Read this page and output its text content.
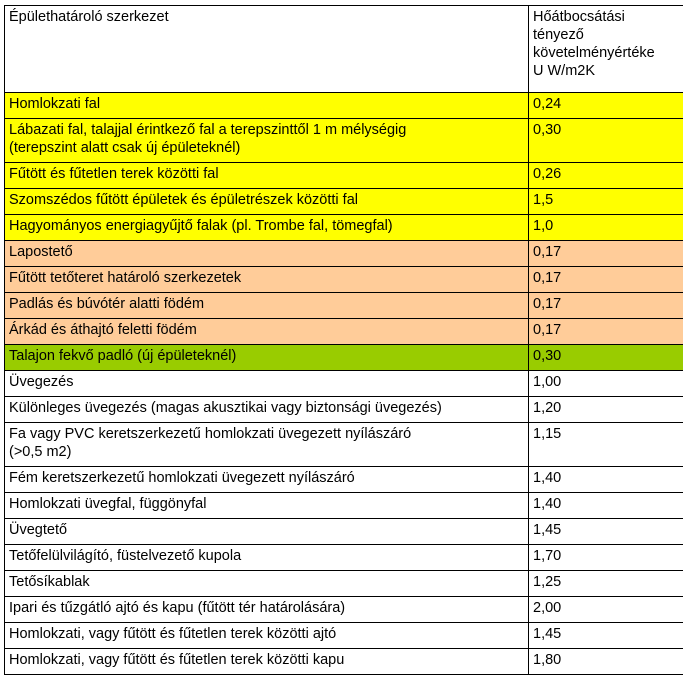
Épülethatároló szerkezet	Hőátbocsátási
tényező
követelményértéke
U W/m2K
Homlokzati fal	0,24
Lábazati fal, talajjal érintkező fal a terepszinttől 1 m mélységig
(terepszint alatt csak új épületeknél)	0,30
Fűtött és fűtetlen terek közötti fal	0,26
Szomszédos fűtött épületek és épületrészek közötti fal	1,5
Hagyományos energiagyűjtő falak (pl. Trombe fal, tömegfal)	1,0
Lapostető	0,17
Fűtött tetőteret határoló szerkezetek	0,17
Padlás és búvótér alatti födém	0,17
Árkád és áthajtó feletti födém	0,17
Talajon fekvő padló (új épületeknél)	0,30
Üvegezés	1,00
Különleges üvegezés (magas akusztikai vagy biztonsági üvegezés)	1,20
Fa vagy PVC keretszerkezetű homlokzati üvegezett nyílászáró
(>0,5 m2)	1,15
Fém keretszerkezetű homlokzati üvegezett nyílászáró	1,40
Homlokzati üvegfal, függönyfal	1,40
Üvegtető	1,45
Tetőfelülvilágító, füstelvezető kupola	1,70
Tetősíkablak	1,25
Ipari és tűzgátló ajtó és kapu (fűtött tér határolására)	2,00
Homlokzati, vagy fűtött és fűtetlen terek közötti ajtó	1,45
Homlokzati, vagy fűtött és fűtetlen terek közötti kapu	1,80
